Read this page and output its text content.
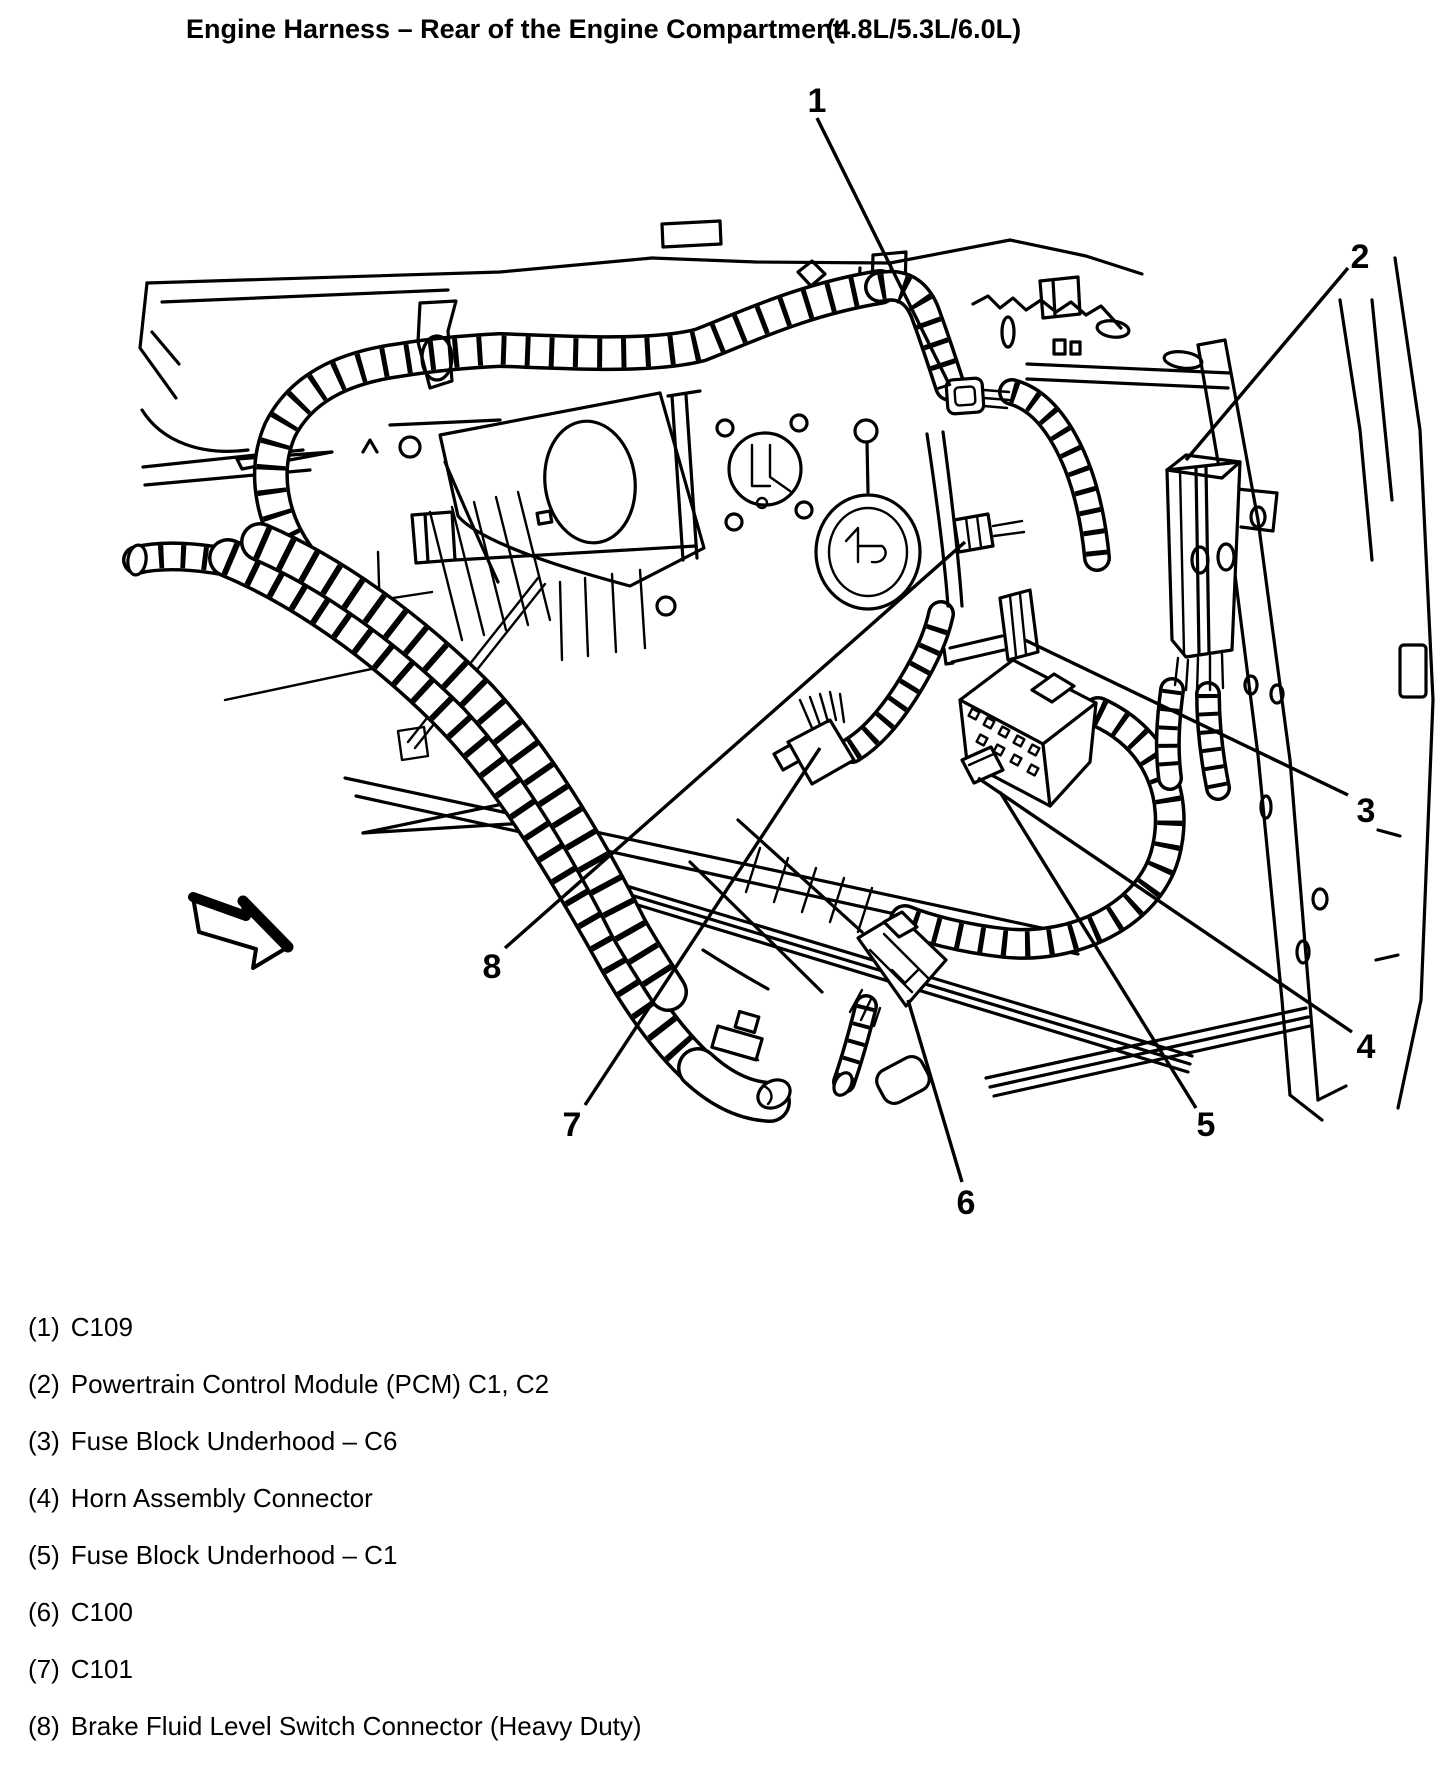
Engine Harness – Rear of the Engine Compartment
(4.8L/5.3L/6.0L)
1
2
3
4
5
6
7
8
(1) C109
(2) Powertrain Control Module (PCM) C1, C2
(3) Fuse Block Underhood – C6
(4) Horn Assembly Connector
(5) Fuse Block Underhood – C1
(6) C100
(7) C101
(8) Brake Fluid Level Switch Connector (Heavy Duty)
